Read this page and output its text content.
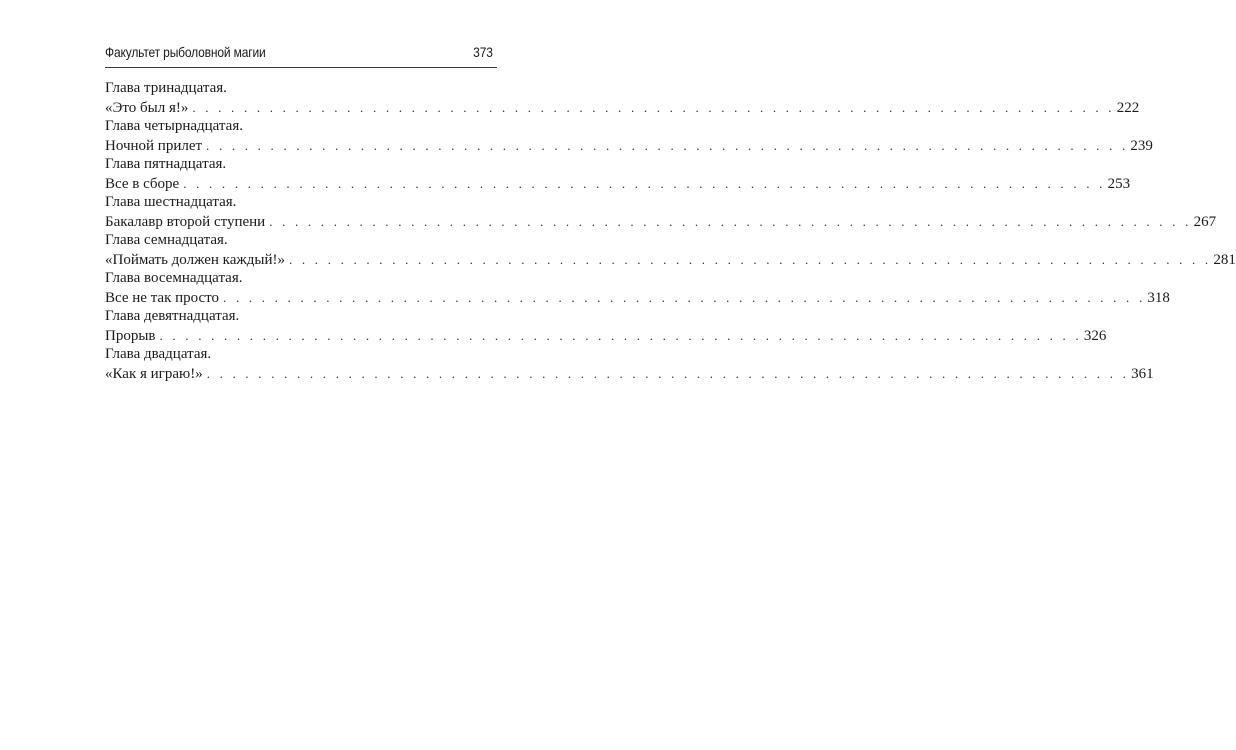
Факультет рыболовной магии	373
Глава тринадцатая.
«Это был я!» . . . . . . . . . . . . . . . . . . . . . . . . . . . . . . . . . . . . . . . . . . . . . . . . . . . . . . . . . . . . . . . . . . . . . . . . 222
Глава четырнадцатая.
Ночной прилет . . . . . . . . . . . . . . . . . . . . . . . . . . . . . . . . . . . . . . . . . . . . . . . . . . . . . . . . . . . . . . . . . . . . . . . . 239
Глава пятнадцатая.
Все в сборе . . . . . . . . . . . . . . . . . . . . . . . . . . . . . . . . . . . . . . . . . . . . . . . . . . . . . . . . . . . . . . . . . . . . . . . . 253
Глава шестнадцатая.
Бакалавр второй ступени . . . . . . . . . . . . . . . . . . . . . . . . . . . . . . . . . . . . . . . . . . . . . . . . . . . . . . . . . . . . . . . . . . . . . . . . 267
Глава семнадцатая.
«Поймать должен каждый!» . . . . . . . . . . . . . . . . . . . . . . . . . . . . . . . . . . . . . . . . . . . . . . . . . . . . . . . . . . . . . . . . . . . . . . . . 281
Глава восемнадцатая.
Все не так просто . . . . . . . . . . . . . . . . . . . . . . . . . . . . . . . . . . . . . . . . . . . . . . . . . . . . . . . . . . . . . . . . . . . . . . . . 318
Глава девятнадцатая.
Прорыв . . . . . . . . . . . . . . . . . . . . . . . . . . . . . . . . . . . . . . . . . . . . . . . . . . . . . . . . . . . . . . . . . . . . . . . . 326
Глава двадцатая.
«Как я играю!» . . . . . . . . . . . . . . . . . . . . . . . . . . . . . . . . . . . . . . . . . . . . . . . . . . . . . . . . . . . . . . . . . . . . . . . . 361
